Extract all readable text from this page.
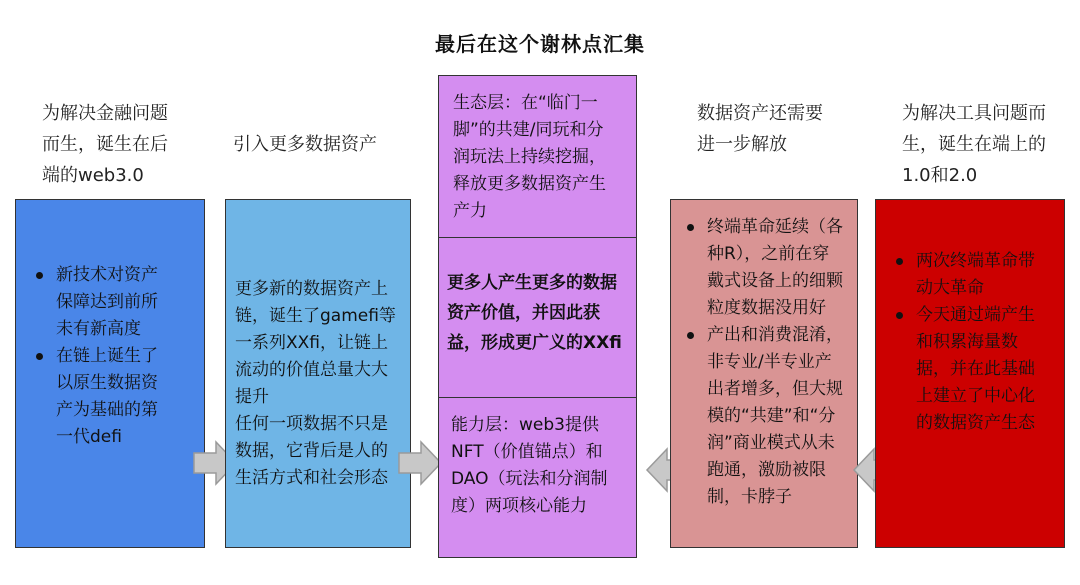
最后在这个谢林点汇集
为解决金融问题
而生，诞生在后
端的web3.0
引入更多数据资产
数据资产还需要
进一步解放
为解决工具问题而
生，诞生在端上的
1.0和2.0
新技术对资产
保障达到前所
未有新高度
在链上诞生了
以原生数据资
产为基础的第
一代defi
更多新的数据资产上
链，诞生了gamefi等
一系列XXfi，让链上
流动的价值总量大大
提升
任何一项数据不只是
数据，它背后是人的
生活方式和社会形态
生态层：在“临门一
脚”的共建/同玩和分
润玩法上持续挖掘，
释放更多数据资产生
产力
更多人产生更多的数据
资产价值，并因此获
益，形成更广义的XXfi
能力层：web3提供
NFT（价值锚点）和
DAO（玩法和分润制
度）两项核心能力
终端革命延续（各
种R），之前在穿
戴式设备上的细颗
粒度数据没用好
产出和消费混淆，
非专业/半专业产
出者增多，但大规
模的“共建”和“分
润”商业模式从未
跑通，激励被限
制，卡脖子
两次终端革命带
动大革命
今天通过端产生
和积累海量数
据，并在此基础
上建立了中心化
的数据资产生态
